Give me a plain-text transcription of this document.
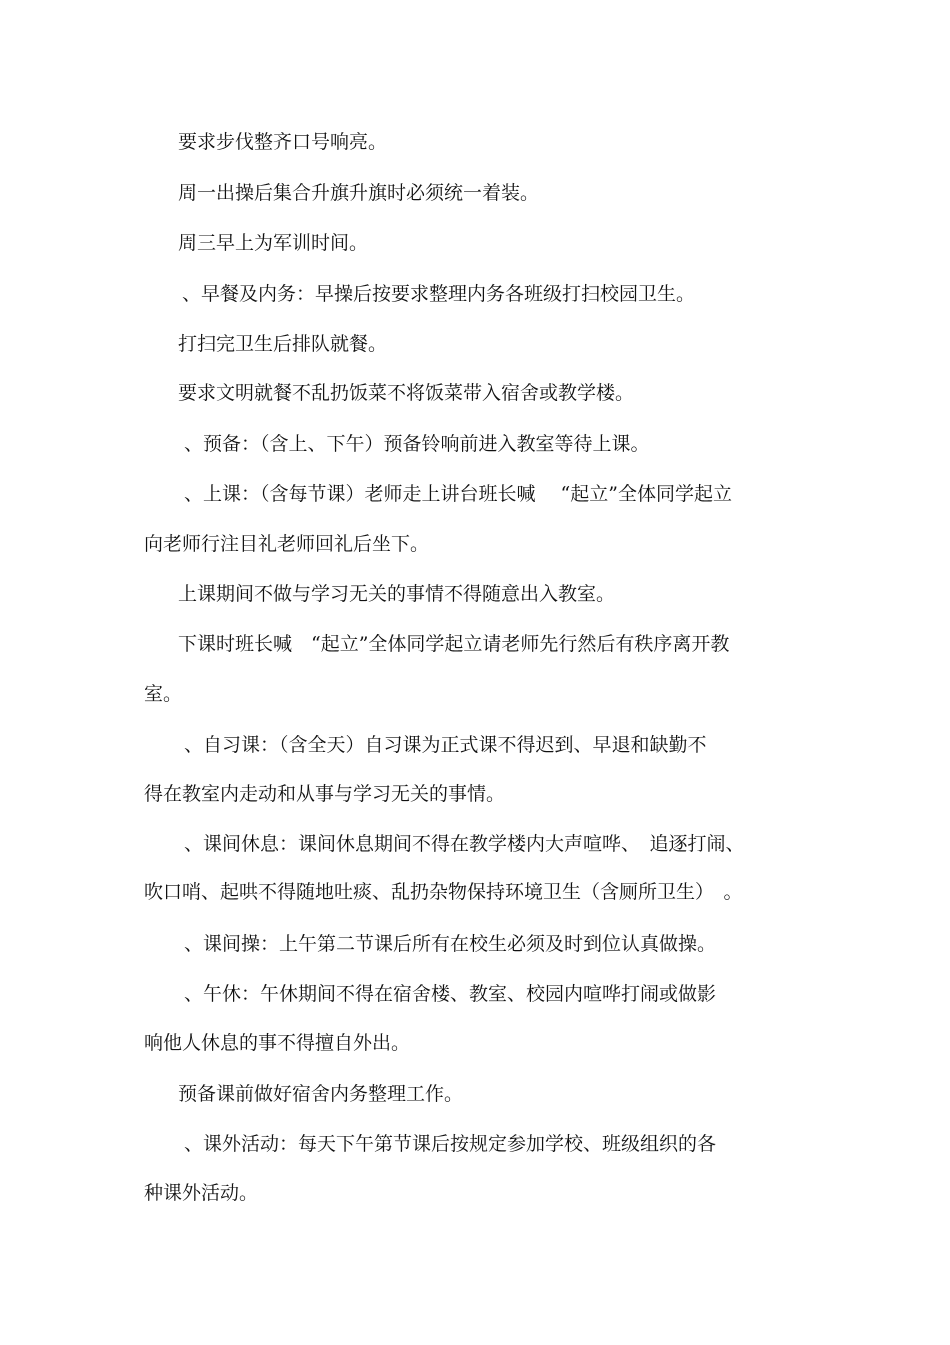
要求步伐整齐口号响亮。
周一出操后集合升旗升旗时必须统一着装。
周三早上为军训时间。
、早餐及内务：早操后按要求整理内务各班级打扫校园卫生。
打扫完卫生后排队就餐。
要求文明就餐不乱扔饭菜不将饭菜带入宿舍或教学楼。
、预备：（含上、下午）预备铃响前进入教室等待上课。
、上课：（含每节课）老师走上讲台班长喊　 “起立”全体同学起立
向老师行注目礼老师回礼后坐下。
上课期间不做与学习无关的事情不得随意出入教室。
下课时班长喊　“起立”全体同学起立请老师先行然后有秩序离开教
室。
、自习课：（含全天）自习课为正式课不得迟到、早退和缺勤不
得在教室内走动和从事与学习无关的事情。
、课间休息：课间休息期间不得在教学楼内大声喧哗、　追逐打闹、
吹口哨、起哄不得随地吐痰、乱扔杂物保持环境卫生（含厕所卫生）　。
、课间操：上午第二节课后所有在校生必须及时到位认真做操。
、午休：午休期间不得在宿舍楼、教室、校园内喧哗打闹或做影
响他人休息的事不得擅自外出。
预备课前做好宿舍内务整理工作。
、课外活动：每天下午第节课后按规定参加学校、班级组织的各
种课外活动。
